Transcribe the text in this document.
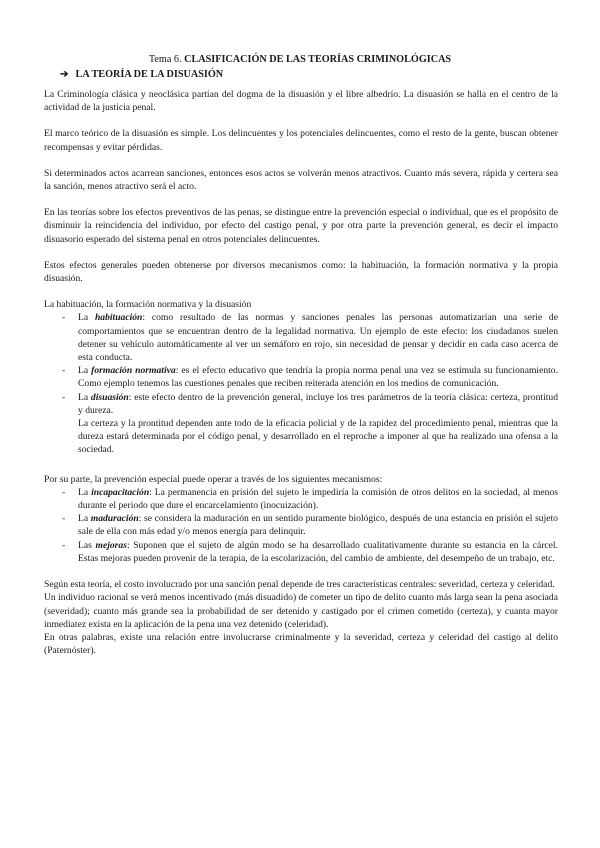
Tema 6. CLASIFICACIÓN DE LAS TEORÍAS CRIMINOLÓGICAS
➔ LA TEORÍA DE LA DISUASIÓN

La Criminología clásica y neoclásica partían del dogma de la disuasión y el libre albedrío. La disuasión se halla en el centro de la actividad de la justicia penal.

El marco teórico de la disuasión es simple. Los delincuentes y los potenciales delincuentes, como el resto de la gente, buscan obtener recompensas y evitar pérdidas.

Si determinados actos acarrean sanciones, entonces esos actos se volverán menos atractivos. Cuanto más severa, rápida y certera sea la sanción, menos atractivo será el acto.

En las teorías sobre los efectos preventivos de las penas, se distingue entre la prevención especial o individual, que es el propósito de disminuir la reincidencia del individuo, por efecto del castigo penal, y por otra parte la prevención general, es decir el impacto disuasorio esperado del sistema penal en otros potenciales delincuentes.

Estos efectos generales pueden obtenerse por diversos mecanismos como: la habituación, la formación normativa y la propia disuasión.

La habituación, la formación normativa y la disuasión

- La habituación: como resultado de las normas y sanciones penales las personas automatizarían una serie de comportamientos que se encuentran dentro de la legalidad normativa. Un ejemplo de este efecto: los ciudadanos suelen detener su vehículo automáticamente al ver un semáforo en rojo, sin necesidad de pensar y decidir en cada caso acerca de esta conducta.
- La formación normativa: es el efecto educativo que tendría la propia norma penal una vez se estimula su funcionamiento. Como ejemplo tenemos las cuestiones penales que reciben reiterada atención en los medios de comunicación.
- La disuasión: este efecto dentro de la prevención general, incluye los tres parámetros de la teoría clásica: certeza, prontitud y dureza.

La certeza y la prontitud dependen ante todo de la eficacia policial y de la rapidez del procedimiento penal, mientras que la dureza estará determinada por el código penal, y desarrollado en el reproche a imponer al que ha realizado una ofensa a la sociedad.

Por su parte, la prevención especial puede operar a través de los siguientes mecanismos:

- La incapacitación: La permanencia en prisión del sujeto le impediría la comisión de otros delitos en la sociedad, al menos durante el periodo que dure el encarcelamiento (inocuización).
- La maduración: se considera la maduración en un sentido puramente biológico, después de una estancia en prisión el sujeto sale de ella con más edad y/o menos energía para delinquir.
- Las mejoras: Suponen que el sujeto de algún modo se ha desarrollado cualitativamente durante su estancia en la cárcel. Estas mejoras pueden provenir de la terapia, de la escolarización, del cambio de ambiente, del desempeño de un trabajo, etc.

Según esta teoría, el costo involucrado por una sanción penal depende de tres características centrales: severidad, certeza y celeridad.

Un individuo racional se verá menos incentivado (más disuadido) de cometer un tipo de delito cuanto más larga sean la pena asociada (severidad); cuanto más grande sea la probabilidad de ser detenido y castigado por el crimen cometido (certeza), y cuanta mayor inmediatez exista en la aplicación de la pena una vez detenido (celeridad).

En otras palabras, existe una relación entre involucrarse criminalmente y la severidad, certeza y celeridad del castigo al delito (Paternóster).
